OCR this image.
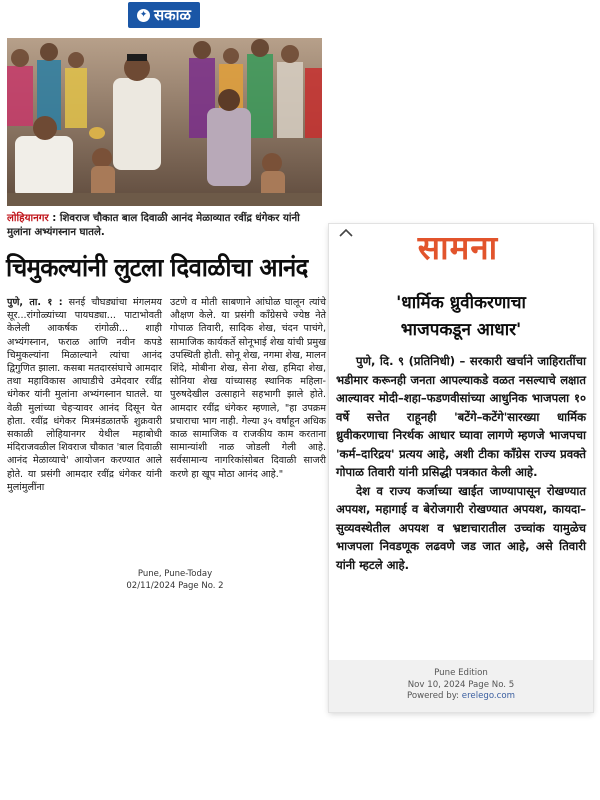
✦ सकाळ
लोहियानगर : शिवराज चौकात बाल दिवाळी आनंद मेळाव्यात रवींद्र धंगेकर यांनी मुलांना अभ्यंगस्नान घातले.
चिमुकल्यांनी लुटला दिवाळीचा आनंद
पुणे, ता. १ : सनई चौघड्यांचा मंगलमय सूर...रांगोळ्यांच्या पायघड्या... पाटाभोवती केलेली आकर्षक रांगोळी... शाही अभ्यंगस्नान, फराळ आणि नवीन कपडे चिमुकल्यांना मिळाल्याने त्यांचा आनंद द्विगुणित झाला. कसबा मतदारसंघाचे आमदार तथा महाविकास आघाडीचे उमेदवार रवींद्र धंगेकर यांनी मुलांना अभ्यंगस्नान घातले. या वेळी मुलांच्या चेहऱ्यावर आनंद दिसून येत होता. रवींद्र धंगेकर मित्रमंडळातर्फे शुक्रवारी सकाळी लोहियानगर येथील महाबोधी मंदिराजवळील शिवराज चौकात 'बाल दिवाळी आनंद मेळाव्याचे' आयोजन करण्यात आले होते. या प्रसंगी आमदार रवींद्र धंगेकर यांनी मुलांमुलींना
उटणे व मोती साबणाने आंघोळ घालून त्यांचे औक्षण केले. या प्रसंगी काँग्रेसचे ज्येष्ठ नेते गोपाळ तिवारी, सादिक शेख, चंदन पाचंगे, सामाजिक कार्यकर्ते सोनूभाई शेख यांची प्रमुख उपस्थिती होती. सोनू शेख, नगमा शेख, मालन शिंदे, मोबीना शेख, सेना शेख, हमिदा शेख, सोनिया शेख यांच्यासह स्थानिक महिला-पुरुषदेखील उत्साहाने सहभागी झाले होते. आमदार रवींद्र धंगेकर म्हणाले, "हा उपक्रम प्रचाराचा भाग नाही. गेल्या ३५ वर्षांहून अधिक काळ सामाजिक व राजकीय काम करताना सामान्यांशी नाळ जोडली गेली आहे. सर्वसामान्य नागरिकांसोबत दिवाळी साजरी करणे हा खूप मोठा आनंद आहे."
Pune, Pune-Today
02/11/2024 Page No. 2
सामना
'धार्मिक ध्रुवीकरणाचा
भाजपकडून आधार'

पुणे, दि. ९ (प्रतिनिधी) – सरकारी खर्चाने जाहिरातींचा भडीमार करूनही जनता आपल्याकडे वळत नसल्याचे लक्षात आल्यावर मोदी–शहा–फडणवीसांच्या आधुनिक भाजपला १० वर्षे सत्तेत राहूनही 'बटेंगे–कटेंगे'सारख्या धार्मिक ध्रुवीकरणाचा निरर्थक आधार घ्यावा लागणे म्हणजे भाजपचा 'कर्म–दारिद्रय' प्रत्यय आहे, अशी टीका काँग्रेस राज्य प्रवक्ते गोपाळ तिवारी यांनी प्रसिद्धी पत्रकात केली आहे.

देश व राज्य कर्जाच्या खाईत जाण्यापासून रोखण्यात अपयश, महागाई व बेरोजगारी रोखण्यात अपयश, कायदा–सुव्यवस्थेतील अपयश व भ्रष्टाचारातील उच्चांक यामुळेच भाजपला निवडणूक लढवणे जड जात आहे, असे तिवारी यांनी म्हटले आहे.

Pune Edition
Nov 10, 2024 Page No. 5
Powered by: erelego.com
